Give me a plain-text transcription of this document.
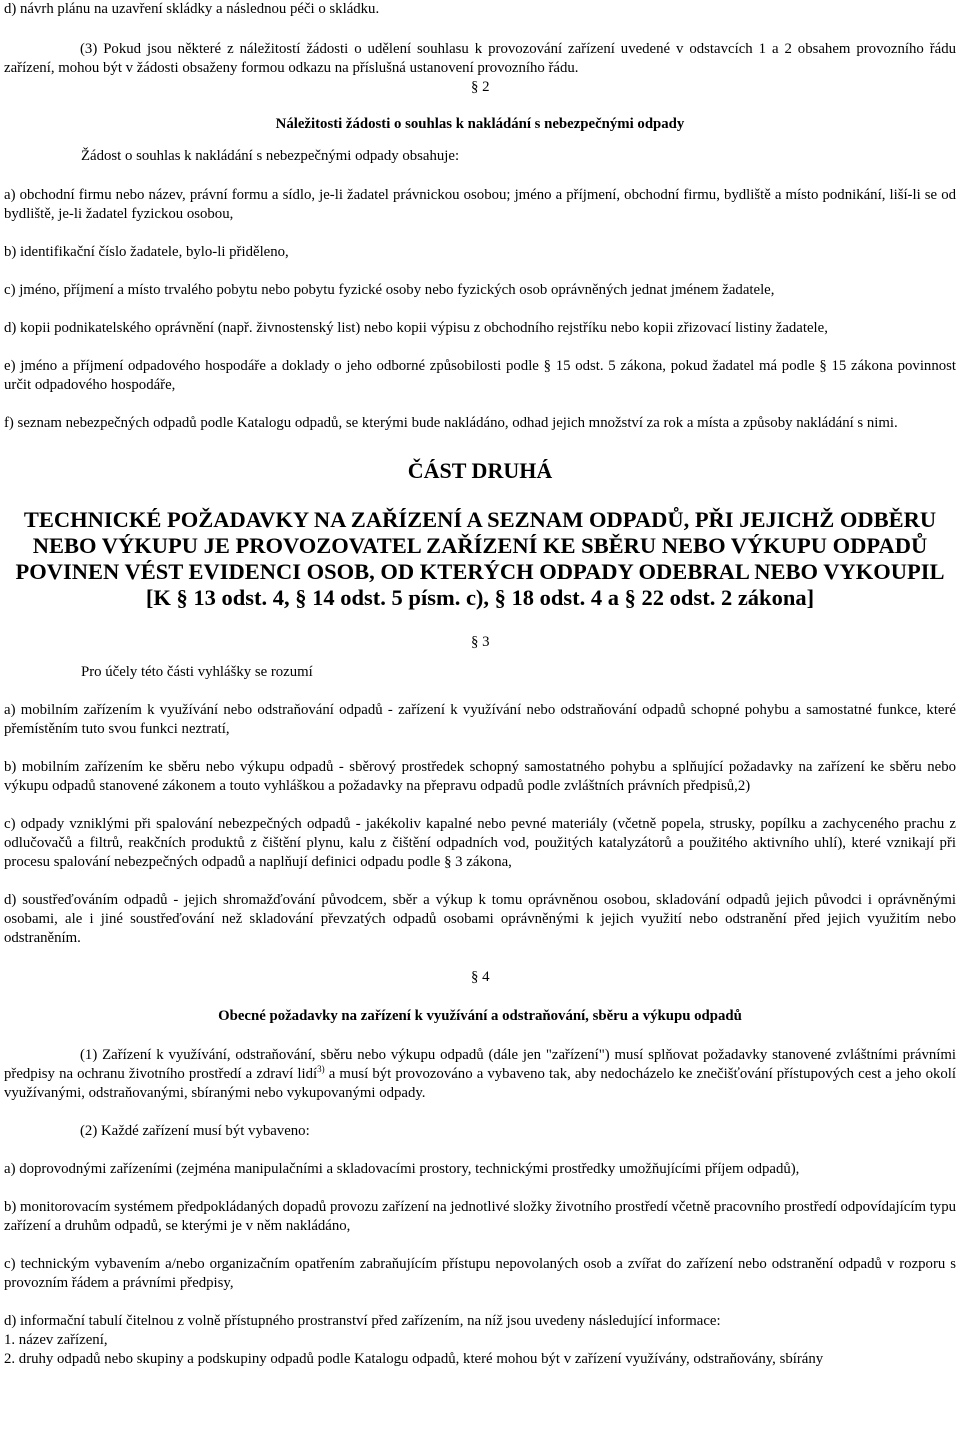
d) návrh plánu na uzavření skládky a následnou péči o skládku.

(3) Pokud jsou některé z náležitostí žádosti o udělení souhlasu k provozování zařízení uvedené v odstavcích 1 a 2 obsahem provozního řádu zařízení, mohou být v žádosti obsaženy formou odkazu na příslušná ustanovení provozního řádu.

§ 2

Náležitosti žádosti o souhlas k nakládání s nebezpečnými odpady

Žádost o souhlas k nakládání s nebezpečnými odpady obsahuje:

a) obchodní firmu nebo název, právní formu a sídlo, je-li žadatel právnickou osobou; jméno a příjmení, obchodní firmu, bydliště a místo podnikání, liší-li se od bydliště, je-li žadatel fyzickou osobou,

b) identifikační číslo žadatele, bylo-li přiděleno,

c) jméno, příjmení a místo trvalého pobytu nebo pobytu fyzické osoby nebo fyzických osob oprávněných jednat jménem žadatele,

d) kopii podnikatelského oprávnění (např. živnostenský list) nebo kopii výpisu z obchodního rejstříku nebo kopii zřizovací listiny žadatele,

e) jméno a příjmení odpadového hospodáře a doklady o jeho odborné způsobilosti podle § 15 odst. 5 zákona, pokud žadatel má podle § 15 zákona povinnost určit odpadového hospodáře,

f) seznam nebezpečných odpadů podle Katalogu odpadů, se kterými bude nakládáno, odhad jejich množství za rok a místa a způsoby nakládání s nimi.

ČÁST DRUHÁ

TECHNICKÉ POŽADAVKY NA ZAŘÍZENÍ A SEZNAM ODPADŮ, PŘI JEJICHŽ ODBĚRU NEBO VÝKUPU JE PROVOZOVATEL ZAŘÍZENÍ KE SBĚRU NEBO VÝKUPU ODPADŮ POVINEN VÉST EVIDENCI OSOB, OD KTERÝCH ODPADY ODEBRAL NEBO VYKOUPIL [K § 13 odst. 4, § 14 odst. 5 písm. c), § 18 odst. 4 a § 22 odst. 2 zákona]

§ 3

Pro účely této části vyhlášky se rozumí

a) mobilním zařízením k využívání nebo odstraňování odpadů - zařízení k využívání nebo odstraňování odpadů schopné pohybu a samostatné funkce, které přemístěním tuto svou funkci neztratí,

b) mobilním zařízením ke sběru nebo výkupu odpadů - sběrový prostředek schopný samostatného pohybu a splňující požadavky na zařízení ke sběru nebo výkupu odpadů stanovené zákonem a touto vyhláškou a požadavky na přepravu odpadů podle zvláštních právních předpisů,2)

c) odpady vzniklými při spalování nebezpečných odpadů - jakékoliv kapalné nebo pevné materiály (včetně popela, strusky, popílku a zachyceného prachu z odlučovačů a filtrů, reakčních produktů z čištění plynu, kalu z čištění odpadních vod, použitých katalyzátorů a použitého aktivního uhlí), které vznikají při procesu spalování nebezpečných odpadů a naplňují definici odpadu podle § 3 zákona,

d) soustřeďováním odpadů - jejich shromažďování původcem, sběr a výkup k tomu oprávněnou osobou, skladování odpadů jejich původci i oprávněnými osobami, ale i jiné soustřeďování než skladování převzatých odpadů osobami oprávněnými k jejich využití nebo odstranění před jejich využitím nebo odstraněním.

§ 4

Obecné požadavky na zařízení k využívání a odstraňování, sběru a výkupu odpadů

(1) Zařízení k využívání, odstraňování, sběru nebo výkupu odpadů (dále jen "zařízení") musí splňovat požadavky stanovené zvláštními právními předpisy na ochranu životního prostředí a zdraví lidí$^{3)}$ a musí být provozováno a vybaveno tak, aby nedocházelo ke znečišťování přístupových cest a jeho okolí využívanými, odstraňovanými, sbíranými nebo vykupovanými odpady.

(2) Každé zařízení musí být vybaveno:

a) doprovodnými zařízeními (zejména manipulačními a skladovacími prostory, technickými prostředky umožňujícími příjem odpadů),

b) monitorovacím systémem předpokládaných dopadů provozu zařízení na jednotlivé složky životního prostředí včetně pracovního prostředí odpovídajícím typu zařízení a druhům odpadů, se kterými je v něm nakládáno,

c) technickým vybavením a/nebo organizačním opatřením zabraňujícím přístupu nepovolaných osob a zvířat do zařízení nebo odstranění odpadů v rozporu s provozním řádem a právními předpisy,

d) informační tabulí čitelnou z volně přístupného prostranství před zařízením, na níž jsou uvedeny následující informace:

1. název zařízení,

2. druhy odpadů nebo skupiny a podskupiny odpadů podle Katalogu odpadů, které mohou být v zařízení využívány, odstraňovány, sbírány
